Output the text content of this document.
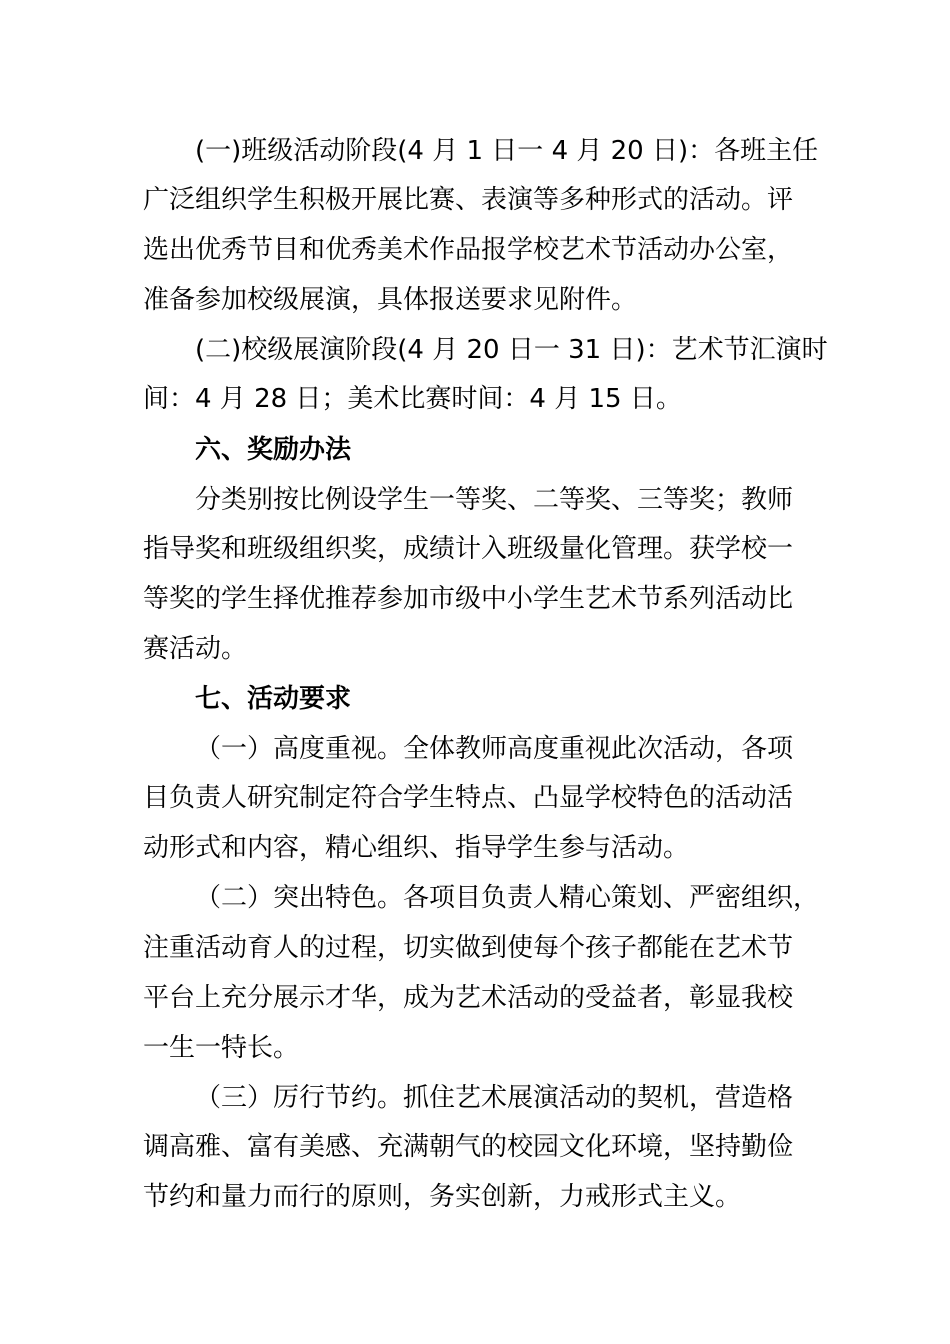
(一)班级活动阶段(4 月 1 日一 4 月 20 日)：各班主任
广泛组织学生积极开展比赛、表演等多种形式的活动。评
选出优秀节目和优秀美术作品报学校艺术节活动办公室，
准备参加校级展演，具体报送要求见附件。
(二)校级展演阶段(4 月 20 日一 31 日)：艺术节汇演时
间：4 月 28 日；美术比赛时间：4 月 15 日。
六、奖励办法
分类别按比例设学生一等奖、二等奖、三等奖；教师
指导奖和班级组织奖，成绩计入班级量化管理。获学校一
等奖的学生择优推荐参加市级中小学生艺术节系列活动比
赛活动。
七、活动要求
（一）高度重视。全体教师高度重视此次活动，各项
目负责人研究制定符合学生特点、凸显学校特色的活动活
动形式和内容，精心组织、指导学生参与活动。
（二）突出特色。各项目负责人精心策划、严密组织，
注重活动育人的过程，切实做到使每个孩子都能在艺术节
平台上充分展示才华，成为艺术活动的受益者，彰显我校
一生一特长。
（三）厉行节约。抓住艺术展演活动的契机，营造格
调高雅、富有美感、充满朝气的校园文化环境，坚持勤俭
节约和量力而行的原则，务实创新，力戒形式主义。
